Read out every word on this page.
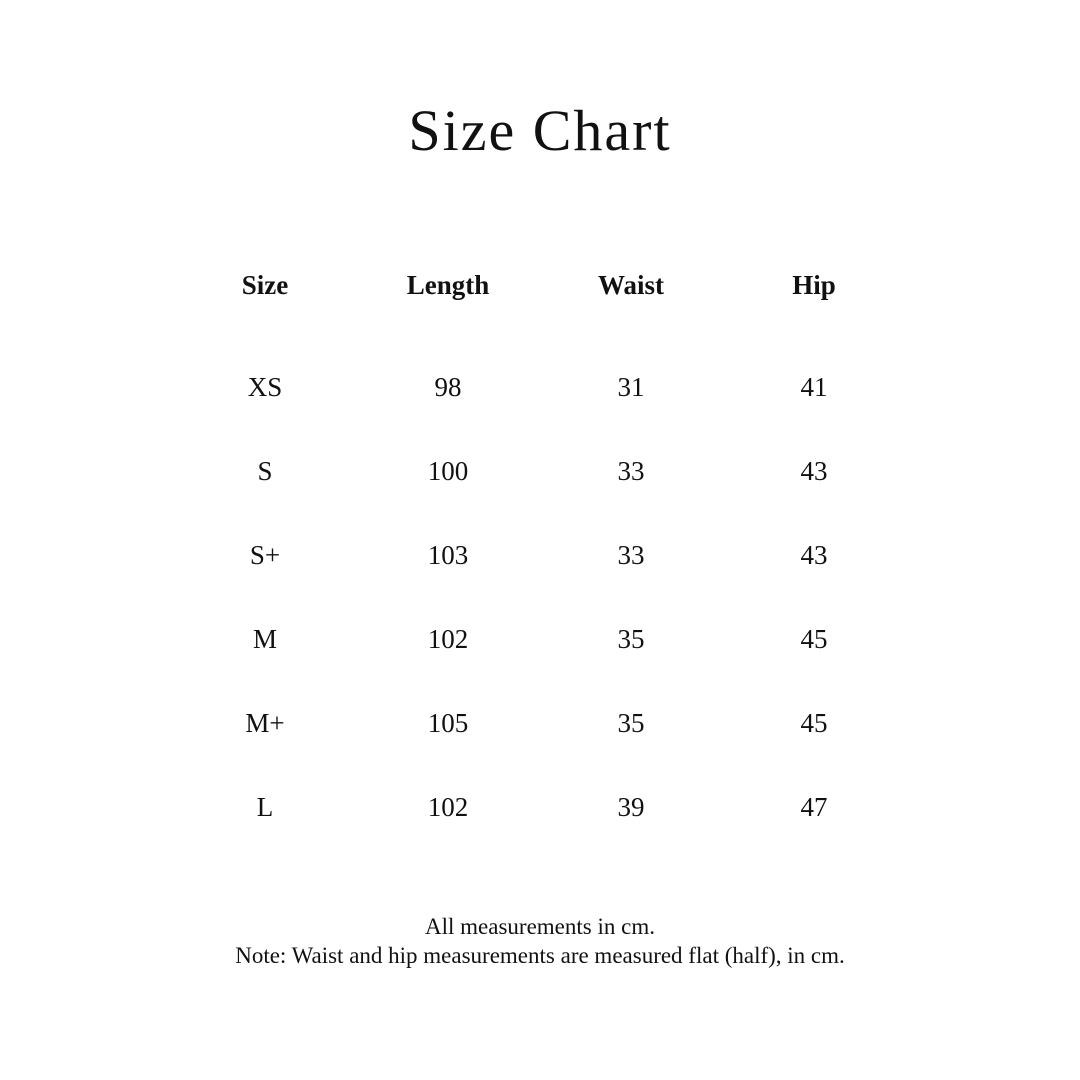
Size Chart
Size	Length	Waist	Hip
XS	98	31	41
S	100	33	43
S+	103	33	43
M	102	35	45
M+	105	35	45
L	102	39	47
All measurements in cm.
Note: Waist and hip measurements are measured flat (half), in cm.
